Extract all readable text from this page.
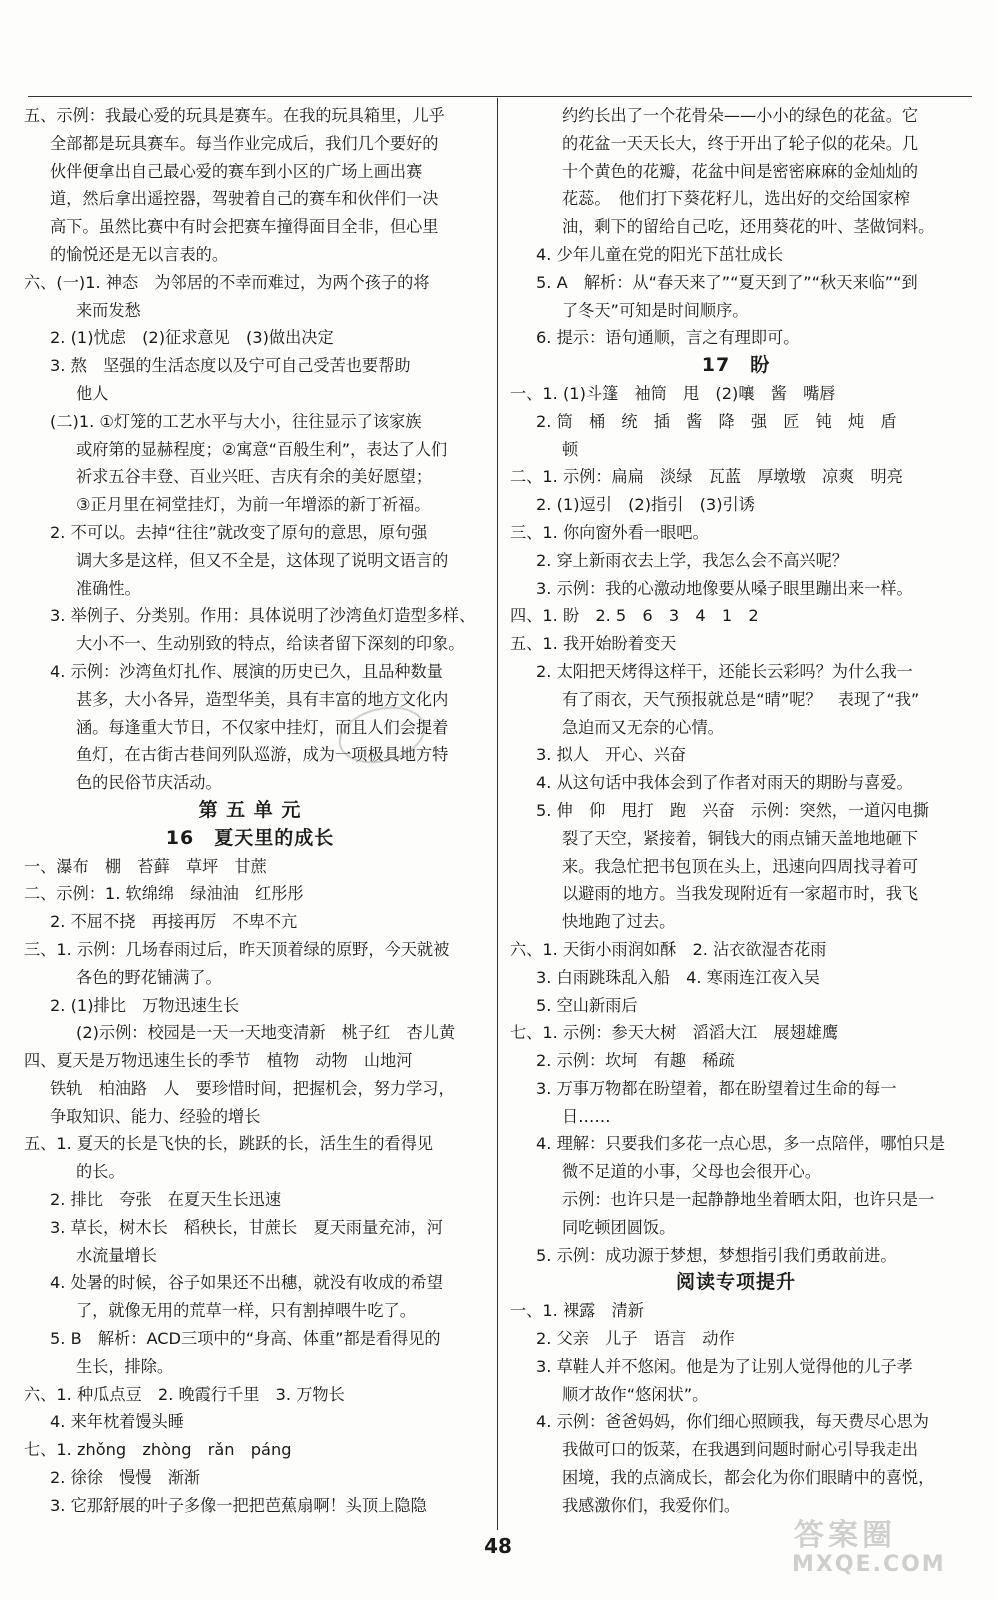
五、示例：我最心爱的玩具是赛车。在我的玩具箱里，儿乎
全部都是玩具赛车。每当作业完成后，我们几个要好的
伙伴便拿出自己最心爱的赛车到小区的广场上画出赛
道，然后拿出遥控器，驾驶着自己的赛车和伙伴们一决
高下。虽然比赛中有时会把赛车撞得面目全非，但心里
的愉悦还是无以言表的。
六、(一)1. 神态　为邻居的不幸而难过，为两个孩子的将
来而发愁
2. (1)忧虑　(2)征求意见　(3)做出决定
3. 熬　坚强的生活态度以及宁可自己受苦也要帮助
他人
(二)1. ①灯笼的工艺水平与大小，往往显示了该家族
或府第的显赫程度；②寓意“百般生利”，表达了人们
祈求五谷丰登、百业兴旺、吉庆有余的美好愿望；
③正月里在祠堂挂灯，为前一年增添的新丁祈福。
2. 不可以。去掉“往往”就改变了原句的意思，原句强
调大多是这样，但又不全是，这体现了说明文语言的
准确性。
3. 举例子、分类别。作用：具体说明了沙湾鱼灯造型多样、
大小不一、生动别致的特点，给读者留下深刻的印象。
4. 示例：沙湾鱼灯扎作、展演的历史已久，且品种数量
甚多，大小各异，造型华美，具有丰富的地方文化内
涵。每逢重大节日，不仅家中挂灯，而且人们会提着
鱼灯，在古街古巷间列队巡游，成为一项极具地方特
色的民俗节庆活动。
第 五 单 元
16　夏天里的成长
一、瀑布　棚　苔藓　草坪　甘蔗
二、示例：1. 软绵绵　绿油油　红彤彤
2. 不屈不挠　再接再厉　不卑不亢
三、1. 示例：几场春雨过后，昨天顶着绿的原野，今天就被
各色的野花铺满了。
2. (1)排比　万物迅速生长
(2)示例：校园是一天一天地变清新　桃子红　杏儿黄
四、夏天是万物迅速生长的季节　植物　动物　山地河
铁轨　柏油路　人　要珍惜时间，把握机会，努力学习，
争取知识、能力、经验的增长
五、1. 夏天的长是飞快的长，跳跃的长，活生生的看得见
的长。
2. 排比　夸张　在夏天生长迅速
3. 草长，树木长　稻秧长，甘蔗长　夏天雨量充沛，河
水流量增长
4. 处暑的时候，谷子如果还不出穗，就没有收成的希望
了，就像无用的荒草一样，只有割掉喂牛吃了。
5. B　解析：ACD三项中的“身高、体重”都是看得见的
生长，排除。
六、1. 种瓜点豆　2. 晚霞行千里　3. 万物长
4. 来年枕着馒头睡
七、1. zhǒng　zhòng　rǎn　páng
2. 徐徐　慢慢　渐渐
3. 它那舒展的叶子多像一把把芭蕉扇啊！头顶上隐隐
约约长出了一个花骨朵——小小的绿色的花盆。它
的花盆一天天长大，终于开出了轮子似的花朵。几
十个黄色的花瓣，花盆中间是密密麻麻的金灿灿的
花蕊。　他们打下葵花籽儿，选出好的交给国家榨
油，剩下的留给自己吃，还用葵花的叶、茎做饲料。
4. 少年儿童在党的阳光下茁壮成长
5. A　解析：从“春天来了”“夏天到了”“秋天来临”“到
了冬天”可知是时间顺序。
6. 提示：语句通顺，言之有理即可。
17　盼
一、1. (1)斗篷　袖筒　甩　(2)嚷　酱　嘴唇
2. 筒　桶　统　插　酱　降　强　匠　钝　炖　盾
顿
二、1. 示例：扁扁　淡绿　瓦蓝　厚墩墩　凉爽　明亮
2. (1)逗引　(2)指引　(3)引诱
三、1. 你向窗外看一眼吧。
2. 穿上新雨衣去上学，我怎么会不高兴呢？
3. 示例：我的心激动地像要从嗓子眼里蹦出来一样。
四、1. 盼　2. 5　6　3　4　1　2
五、1. 我开始盼着变天
2. 太阳把天烤得这样干，还能长云彩吗？为什么我一
有了雨衣，天气预报就总是“晴”呢？　表现了“我”
急迫而又无奈的心情。
3. 拟人　开心、兴奋
4. 从这句话中我体会到了作者对雨天的期盼与喜爱。
5. 伸　仰　甩打　跑　兴奋　示例：突然，一道闪电撕
裂了天空，紧接着，铜钱大的雨点铺天盖地地砸下
来。我急忙把书包顶在头上，迅速向四周找寻着可
以避雨的地方。当我发现附近有一家超市时，我飞
快地跑了过去。
六、1. 天街小雨润如酥　2. 沾衣欲湿杏花雨
3. 白雨跳珠乱入船　4. 寒雨连江夜入吴
5. 空山新雨后
七、1. 示例：参天大树　滔滔大江　展翅雄鹰
2. 示例：坎坷　有趣　稀疏
3. 万事万物都在盼望着，都在盼望着过生命的每一
日……
4. 理解：只要我们多花一点心思，多一点陪伴，哪怕只是
微不足道的小事，父母也会很开心。
示例：也许只是一起静静地坐着晒太阳，也许只是一
同吃顿团圆饭。
5. 示例：成功源于梦想，梦想指引我们勇敢前进。
阅读专项提升
一、1. 裸露　清新
2. 父亲　儿子　语言　动作
3. 草鞋人并不悠闲。他是为了让别人觉得他的儿子孝
顺才故作“悠闲状”。
4. 示例：爸爸妈妈，你们细心照顾我，每天费尽心思为
我做可口的饭菜，在我遇到问题时耐心引导我走出
困境，我的点滴成长，都会化为你们眼睛中的喜悦，
我感激你们，我爱你们。
48	答案圈
MXQE.COM
